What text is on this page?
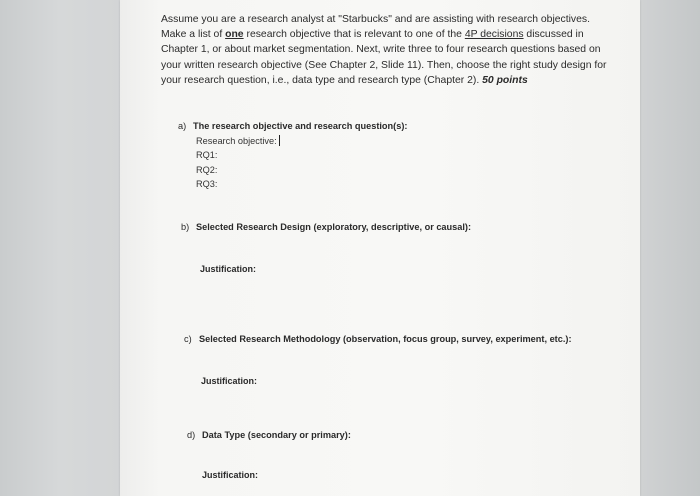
Assume you are a research analyst at "Starbucks" and are assisting with research objectives.
Make a list of one research objective that is relevant to one of the 4P decisions discussed in
Chapter 1, or about market segmentation. Next, write three to four research questions based on
your written research objective (See Chapter 2, Slide 11). Then, choose the right study design for
your research question, i.e., data type and research type (Chapter 2). 50 points
a) The research objective and research question(s):
Research objective:
RQ1:
RQ2:
RQ3:
b) Selected Research Design (exploratory, descriptive, or causal):
Justification:
c) Selected Research Methodology (observation, focus group, survey, experiment, etc.):
Justification:
d) Data Type (secondary or primary):
Justification:
